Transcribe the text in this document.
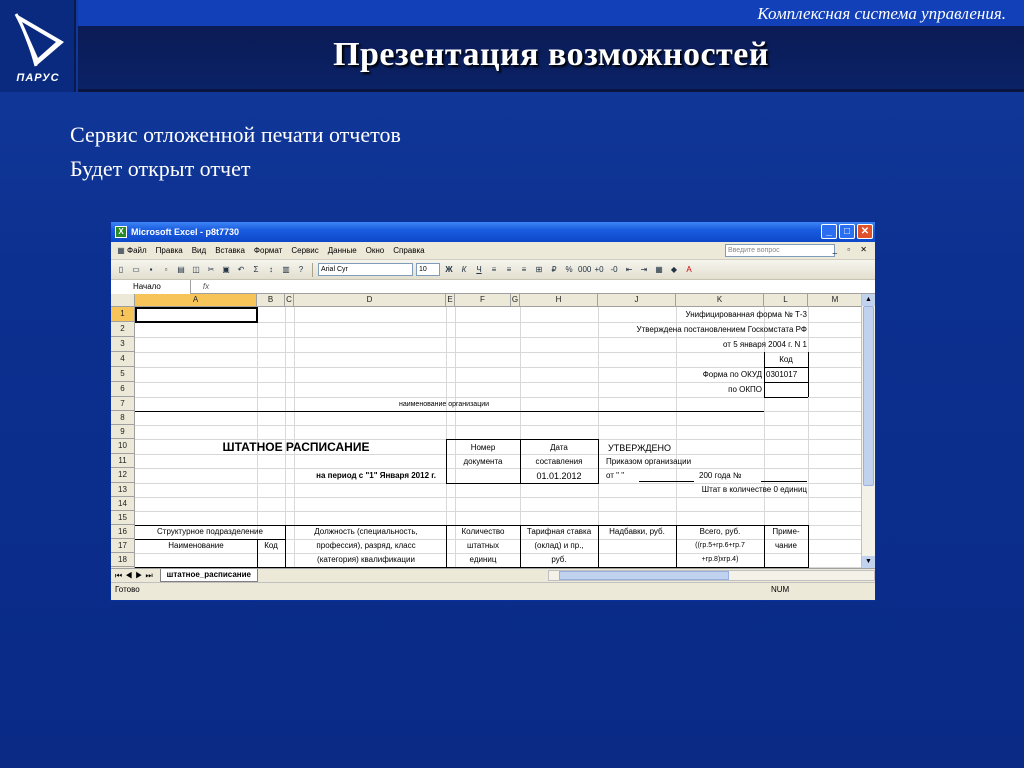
ПАРУС
Комплексная система управления.
Презентация возможностей
Сервис отложенной печати отчетов
Будет открыт отчет
X Microsoft Excel - p8t7730	_	□	✕
▦ Файл Правка Вид Вставка Формат Сервис Данные Окно Справка	Введите вопрос	_ ▫ ✕
▯	▭	▪	▫	▤ ◫ ✂ ▣ ↶	Σ	↕	▥	?	Arial Cyr	10	Ж	К	Ч	≡	≡	≡	⊞	₽	% 000 +0 -0	⇤	⇥ ▦	◆	A
Начало	fx
A	B	C	D	E	F	G	H	J	K	L	M
1
2
3
4
5
6
7
8
9
10
11
12
13
14
15
16
17
18
Унифицированная форма № Т-3
Утверждена постановлением Госкомстата РФ
от 5 января 2004 г. N 1
Код
Форма по ОКУД 0301017
по ОКПО
наименование организации
ШТАТНОЕ РАСПИСАНИЕ	Номер
документа
Дата
составления
01.01.2012
УТВЕРЖДЕНО
Приказом организации
от " "	200 года №
на период с "1" Января 2012 г.
Штат в количестве 0 единиц
Структурное подразделение
Наименование	Код
Должность (специальность,
профессия), разряд, класс
(категория) квалификации
Количество
штатных
единиц
Тарифная ставка
(оклад) и пр.,
руб.
Надбавки, руб.	Всего, руб.
((гр.5+гр.6+гр.7
+гр.8)хгр.4)
Приме-
чание
▲
▼
⏮◀▶⏭	штатное_расписание
Готово	NUM
